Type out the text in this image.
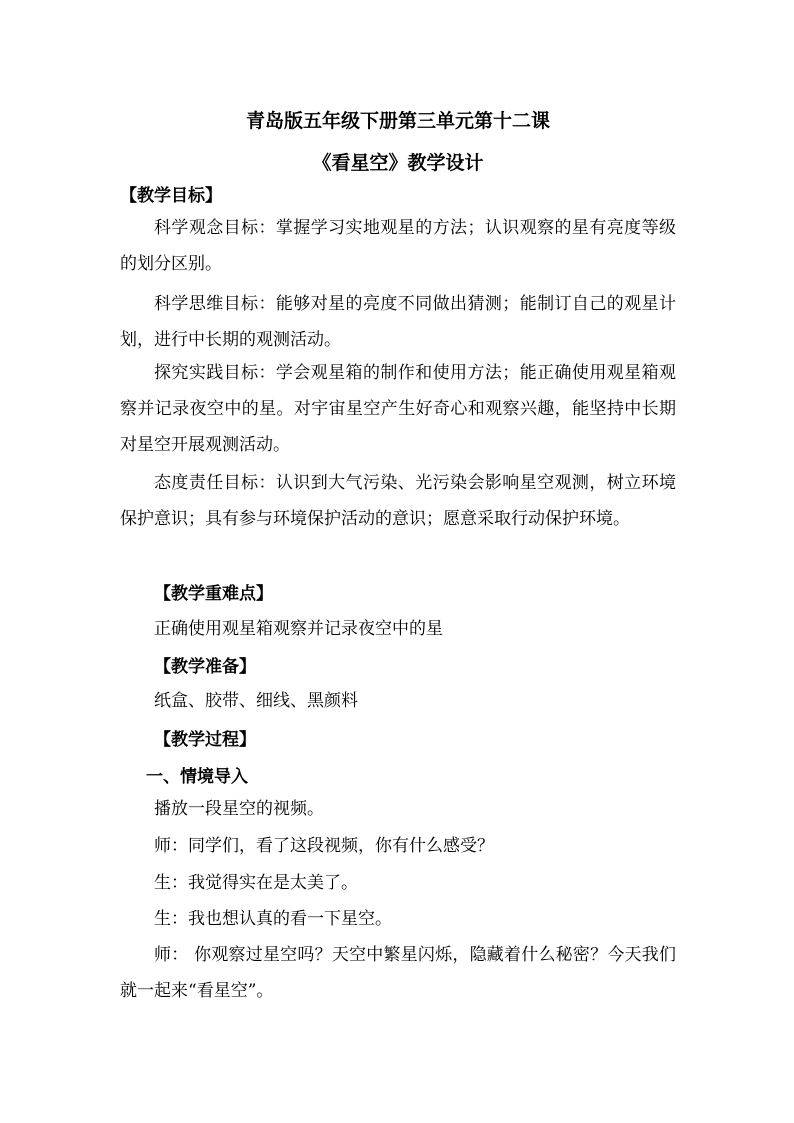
青岛版五年级下册第三单元第十二课
《看星空》教学设计
【教学目标】
科学观念目标：掌握学习实地观星的方法；认识观察的星有亮度等级的划分区别。
科学思维目标：能够对星的亮度不同做出猜测；能制订自己的观星计划，进行中长期的观测活动。
探究实践目标：学会观星箱的制作和使用方法；能正确使用观星箱观察并记录夜空中的星。对宇宙星空产生好奇心和观察兴趣，能坚持中长期对星空开展观测活动。
态度责任目标：认识到大气污染、光污染会影响星空观测，树立环境保护意识；具有参与环境保护活动的意识；愿意采取行动保护环境。
【教学重难点】
正确使用观星箱观察并记录夜空中的星
【教学准备】
纸盒、胶带、细线、黑颜料
【教学过程】
一、情境导入
播放一段星空的视频。
师：同学们，看了这段视频，你有什么感受？
生：我觉得实在是太美了。
生：我也想认真的看一下星空。
师： 你观察过星空吗？天空中繁星闪烁，隐藏着什么秘密？今天我们就一起来“看星空”。
